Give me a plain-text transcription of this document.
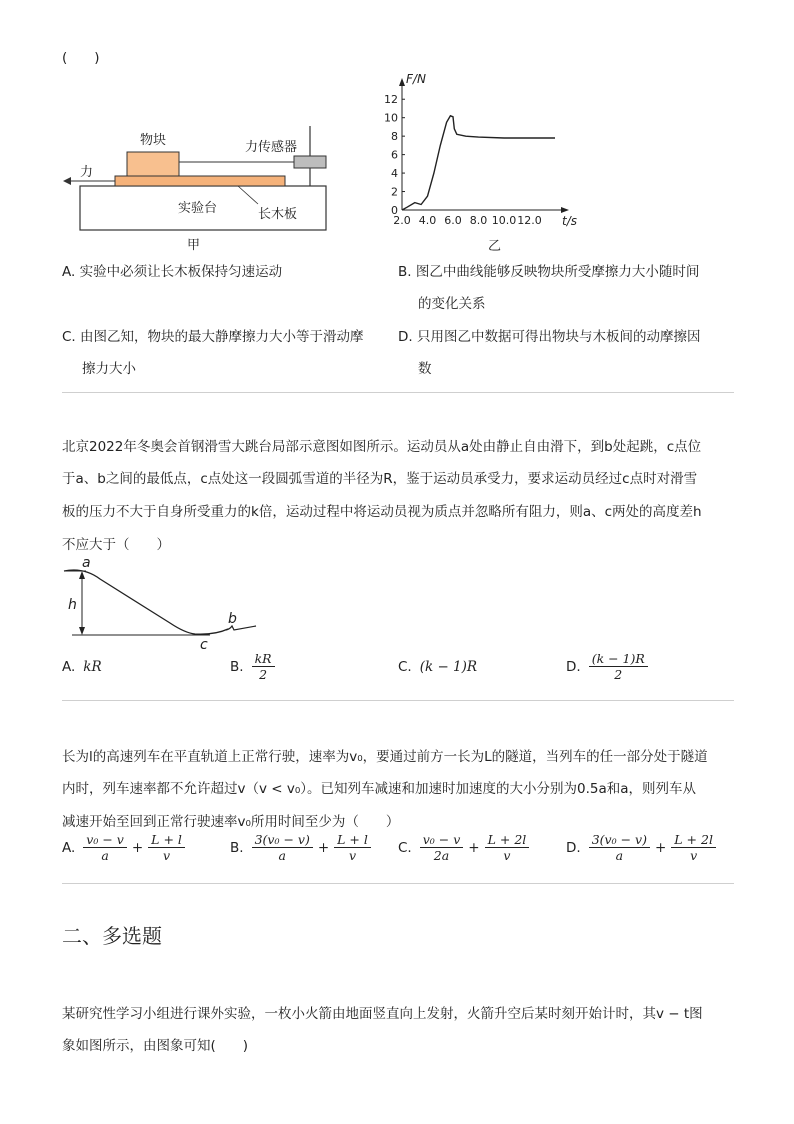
(　　)
物块	力传感器
力
实验台	长木板
甲
0
2
4
6
8
10
12
2.0 4.0 6.0 8.0 10.0 12.0
F/N
t/s
乙
A. 实验中必须让长木板保持匀速运动	B. 图乙中曲线能够反映物块所受摩擦力大小随时间
的变化关系
C. 由图乙知，物块的最大静摩擦力大小等于滑动摩
擦力大小
D. 只用图乙中数据可得出物块与木板间的动摩擦因
数
北京2022年冬奥会首钢滑雪大跳台局部示意图如图所示。运动员从a处由静止自由滑下，到b处起跳，c点位
于a、b之间的最低点，c点处这一段圆弧雪道的半径为R，鉴于运动员承受力，要求运动员经过c点时对滑雪
板的压力不大于自身所受重力的k倍，运动过程中将运动员视为质点并忽略所有阻力，则a、c两处的高度差h
不应大于（　　）
a
b
c
h
A. kR	B. $\frac{kR}{2}$	C. (k − 1)R	D. $\frac{(k - 1)R}{2}$
长为l的高速列车在平直轨道上正常行驶，速率为v₀，要通过前方一长为L的隧道，当列车的任一部分处于隧道
内时，列车速率都不允许超过v（v < v₀）。已知列车减速和加速时加速度的大小分别为0.5a和a，则列车从
减速开始至回到正常行驶速率v₀所用时间至少为（　　）
A. $\frac{\text{v₀ − v}}{a} + \frac{L + l}{v}$	B. $\frac{\text{3(v₀ − v)}}{a} + \frac{L + l}{v} C$. $\frac{\text{v₀ − v}}{2a} + \frac{L + 2l}{v}$	D. $\frac{\text{3(v₀ − v)}}{a} + \frac{L + 2l}{v}$
二、多选题
某研究性学习小组进行课外实验，一枚小火箭由地面竖直向上发射，火箭升空后某时刻开始计时，其v − t图
象如图所示，由图象可知(　　)
